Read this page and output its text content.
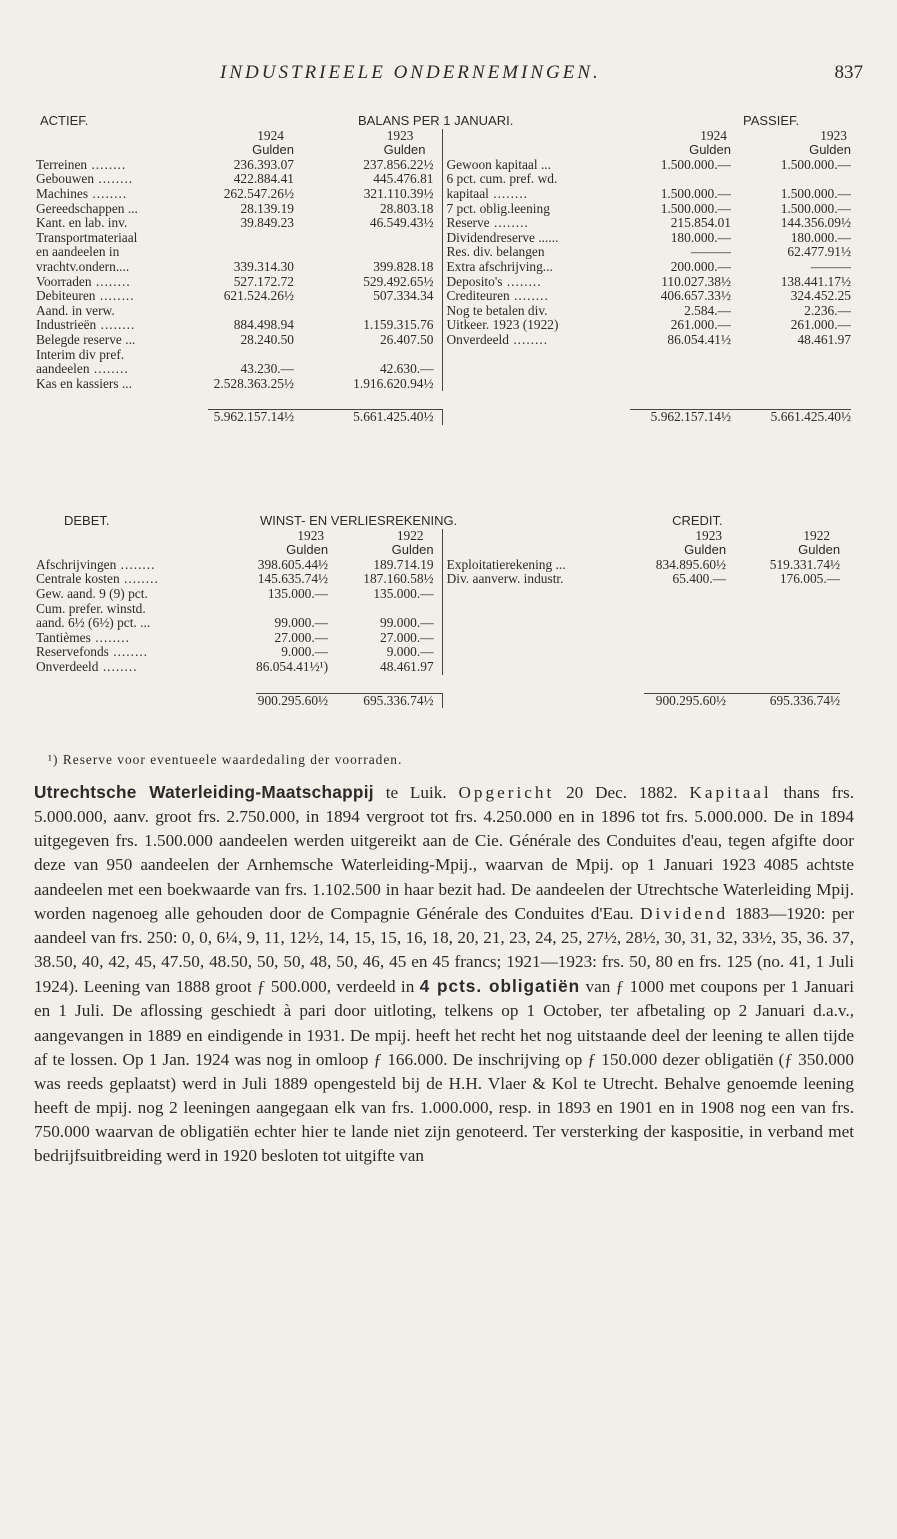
INDUSTRIEELE ONDERNEMINGEN.	837
ACTIEF.		BALANS PER 1 JANUARI.			PASSIEF.
	1924	1923		1924	1923
	Gulden	Gulden		Gulden	Gulden
Terreinen .....	236.393.07	237.856.22½	Gewoon kapitaal ...	1.500.000.—	1.500.000.—
Gebouwen .....	422.884.41	445.476.81	6 pct. cum. pref. wd.		
Machines .....	262.547.26½	321.110.39½	kapitaal .....	1.500.000.—	1.500.000.—
Gereedschappen ...	28.139.19	28.803.18	7 pct. oblig.leening	1.500.000.—	1.500.000.—
Kant. en lab. inv.	39.849.23	46.549.43½	Reserve .....	215.854.01	144.356.09½
Transportmateriaal			Dividendreserve ......	180.000.—	180.000.—
en aandeelen in			Res. div. belangen	———	62.477.91½
vrachtv.ondern....	339.314.30	399.828.18	Extra afschrijving...	200.000.—	———
Voorraden .....	527.172.72	529.492.65½	Deposito's .....	110.027.38½	138.441.17½
Debiteuren .....	621.524.26½	507.334.34	Crediteuren .....	406.657.33½	324.452.25
Aand. in verw.			Nog te betalen div.	2.584.—	2.236.—
Industrieën .....	884.498.94	1.159.315.76	Uitkeer. 1923 (1922)	261.000.—	261.000.—
Belegde reserve ...	28.240.50	26.407.50	Onverdeeld .....	86.054.41½	48.461.97
Interim div pref.					
aandeelen .....	43.230.—	42.630.—			
Kas en kassiers ...	2.528.363.25½	1.916.620.94½			

	5.962.157.14½	5.661.425.40½		5.962.157.14½	5.661.425.40½
DEBET.	WINST- EN VERLIESREKENING.			CREDIT.	
	1923	1922		1923	1922
	Gulden	Gulden		Gulden	Gulden
Afschrijvingen .....	398.605.44½	189.714.19	Exploitatierekening ...	834.895.60½	519.331.74½
Centrale kosten .....	145.635.74½	187.160.58½	Div. aanverw. industr.	65.400.—	176.005.—
Gew. aand. 9 (9) pct.	135.000.—	135.000.—			
Cum. prefer. winstd.					
aand. 6½ (6½) pct. ...	99.000.—	99.000.—			
Tantièmes .....	27.000.—	27.000.—			
Reservefonds .....	9.000.—	9.000.—			
Onverdeeld .....	86.054.41½¹)	48.461.97			

	900.295.60½	695.336.74½		900.295.60½	695.336.74½
¹) Reserve voor eventueele waardedaling der voorraden.
Utrechtsche Waterleiding-Maatschappij te Luik. Opgericht 20 Dec. 1882. Kapitaal thans frs. 5.000.000, aanv. groot frs. 2.750.000, in 1894 vergroot tot frs. 4.250.000 en in 1896 tot frs. 5.000.000. De in 1894 uitgegeven frs. 1.500.000 aandeelen werden uitgereikt aan de Cie. Générale des Conduites d'eau, tegen afgifte door deze van 950 aandeelen der Arnhemsche Waterleiding-Mpij., waarvan de Mpij. op 1 Januari 1923 4085 achtste aandeelen met een boekwaarde van frs. 1.102.500 in haar bezit had. De aandeelen der Utrechtsche Waterleiding Mpij. worden nagenoeg alle gehouden door de Compagnie Générale des Conduites d'Eau. Dividend 1883—1920: per aandeel van frs. 250: 0, 0, 6¼, 9, 11, 12½, 14, 15, 15, 16, 18, 20, 21, 23, 24, 25, 27½, 28½, 30, 31, 32, 33½, 35, 36. 37, 38.50, 40, 42, 45, 47.50, 48.50, 50, 50, 48, 50, 46, 45 en 45 francs; 1921—1923: frs. 50, 80 en frs. 125 (no. 41, 1 Juli 1924). Leening van 1888 groot ƒ 500.000, verdeeld in 4 pcts. obligatiën van ƒ 1000 met coupons per 1 Januari en 1 Juli. De aflossing geschiedt à pari door uitloting, telkens op 1 October, ter afbetaling op 2 Januari d.a.v., aangevangen in 1889 en eindigende in 1931. De mpij. heeft het recht het nog uitstaande deel der leening te allen tijde af te lossen. Op 1 Jan. 1924 was nog in omloop ƒ 166.000. De inschrijving op ƒ 150.000 dezer obligatiën (ƒ 350.000 was reeds geplaatst) werd in Juli 1889 opengesteld bij de H.H. Vlaer & Kol te Utrecht. Behalve genoemde leening heeft de mpij. nog 2 leeningen aangegaan elk van frs. 1.000.000, resp. in 1893 en 1901 en in 1908 nog een van frs. 750.000 waarvan de obligatiën echter hier te lande niet zijn genoteerd. Ter versterking der kaspositie, in verband met bedrijfsuitbreiding werd in 1920 besloten tot uitgifte van
